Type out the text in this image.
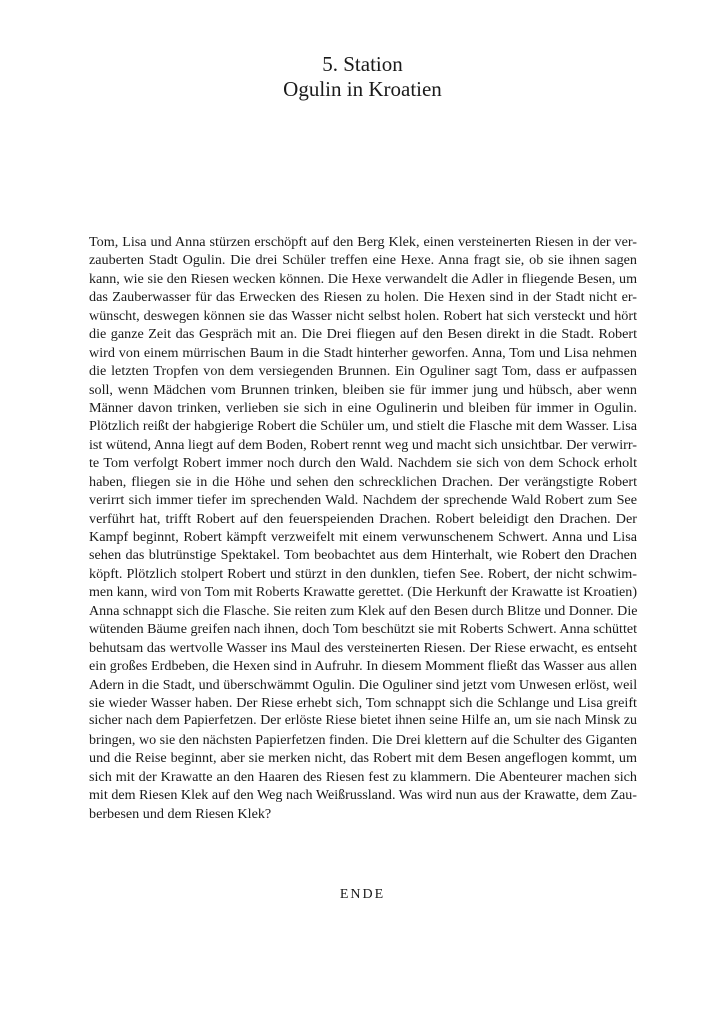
5. Station
Ogulin in Kroatien
Tom, Lisa und Anna stürzen erschöpft auf den Berg Klek, einen versteinerten Riesen in der ver-
zauberten Stadt Ogulin. Die drei Schüler treffen eine Hexe. Anna fragt sie, ob sie ihnen sagen
kann, wie sie den Riesen wecken können. Die Hexe verwandelt die Adler in fliegende Besen, um
das Zauberwasser für das Erwecken des Riesen zu holen. Die Hexen sind in der Stadt nicht er-
wünscht, deswegen können sie das Wasser nicht selbst holen. Robert hat sich versteckt und hört
die ganze Zeit das Gespräch mit an. Die Drei fliegen auf den Besen direkt in die Stadt. Robert
wird von einem mürrischen Baum in die Stadt hinterher geworfen. Anna, Tom und Lisa nehmen
die letzten Tropfen von dem versiegenden Brunnen. Ein Oguliner sagt Tom, dass er aufpassen
soll, wenn Mädchen vom Brunnen trinken, bleiben sie für immer jung und hübsch, aber wenn
Männer davon trinken, verlieben sie sich in eine Ogulinerin und bleiben für immer in Ogulin.
Plötzlich reißt der habgierige Robert die Schüler um, und stielt die Flasche mit dem Wasser. Lisa
ist wütend, Anna liegt auf dem Boden, Robert rennt weg und macht sich unsichtbar. Der verwirr-
te Tom verfolgt Robert immer noch durch den Wald. Nachdem sie sich von dem Schock erholt
haben, fliegen sie in die Höhe und sehen den schrecklichen Drachen. Der verängstigte Robert
verirrt sich immer tiefer im sprechenden Wald. Nachdem der sprechende Wald Robert zum See
verführt hat, trifft Robert auf den feuerspeienden Drachen. Robert beleidigt den Drachen. Der
Kampf beginnt, Robert kämpft verzweifelt mit einem verwunschenem Schwert. Anna und Lisa
sehen das blutrünstige Spektakel. Tom beobachtet aus dem Hinterhalt, wie Robert den Drachen
köpft. Plötzlich stolpert Robert und stürzt in den dunklen, tiefen See. Robert, der nicht schwim-
men kann, wird von Tom mit Roberts Krawatte gerettet. (Die Herkunft der Krawatte ist Kroatien)
Anna schnappt sich die Flasche. Sie reiten zum Klek auf den Besen durch Blitze und Donner. Die
wütenden Bäume greifen nach ihnen, doch Tom beschützt sie mit Roberts Schwert. Anna schüttet
behutsam das wertvolle Wasser ins Maul des versteinerten Riesen. Der Riese erwacht, es entseht
ein großes Erdbeben, die Hexen sind in Aufruhr. In diesem Momment fließt das Wasser aus allen
Adern in die Stadt, und überschwämmt Ogulin. Die Oguliner sind jetzt vom Unwesen erlöst, weil
sie wieder Wasser haben. Der Riese erhebt sich, Tom schnappt sich die Schlange und Lisa greift
sicher nach dem Papierfetzen. Der erlöste Riese bietet ihnen seine Hilfe an, um sie nach Minsk zu
bringen, wo sie den nächsten Papierfetzen finden. Die Drei klettern auf die Schulter des Giganten
und die Reise beginnt, aber sie merken nicht, das Robert mit dem Besen angeflogen kommt, um
sich mit der Krawatte an den Haaren des Riesen fest zu klammern. Die Abenteurer machen sich
mit dem Riesen Klek auf den Weg nach Weißrussland. Was wird nun aus der Krawatte, dem Zau-
berbesen und dem Riesen Klek?
ENDE
